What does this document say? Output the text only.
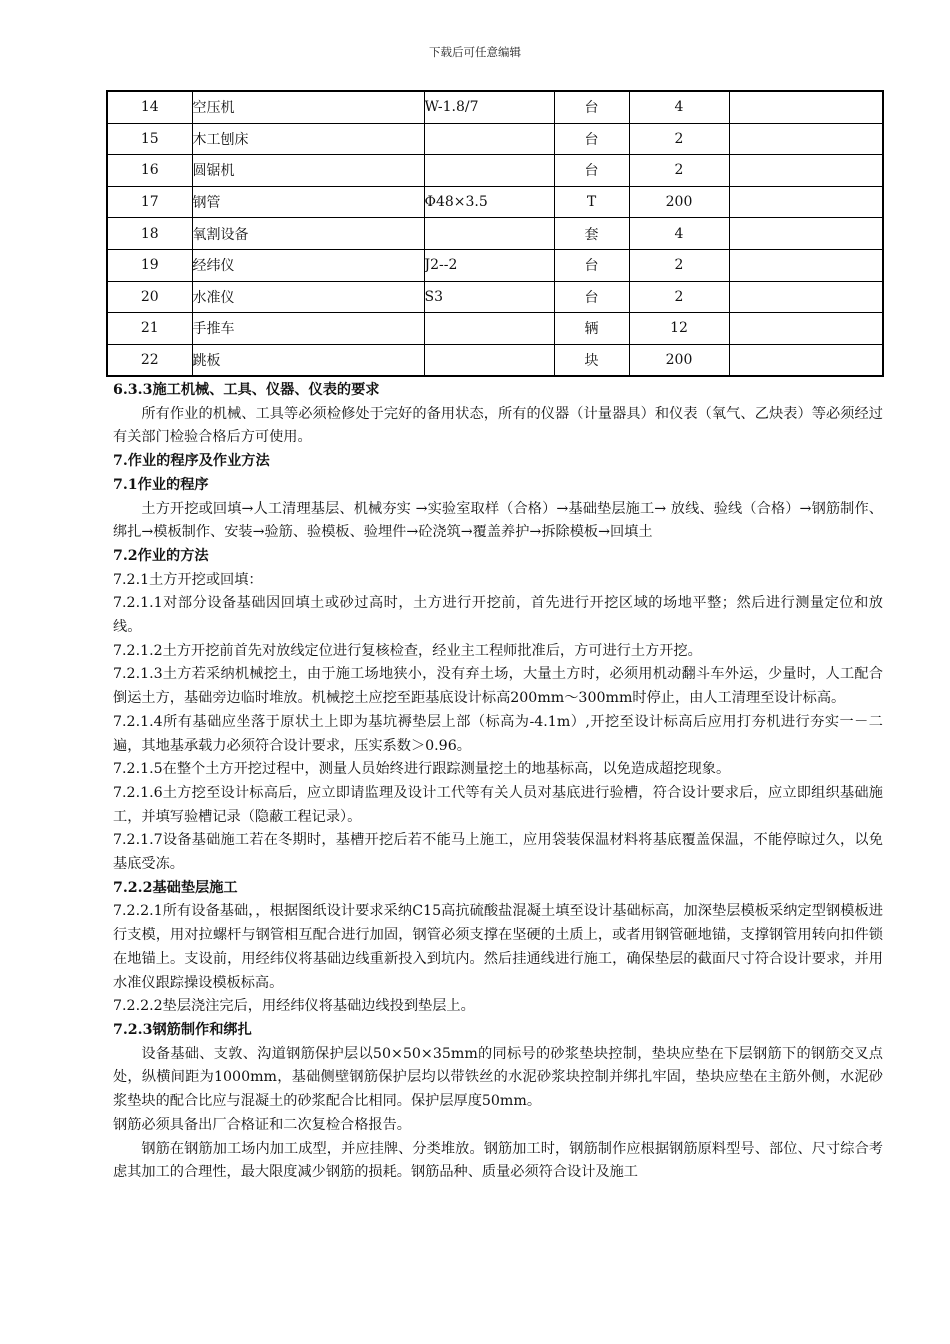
下载后可任意编辑
14	空压机	W-1.8/7	台	4	
15	木工刨床		台	2	
16	圆锯机		台	2	
17	钢管	Φ48×3.5	T	200	
18	氧割设备		套	4	
19	经纬仪	J2--2	台	2	
20	水准仪	S3	台	2	
21	手推车		辆	12	
22	跳板		块	200	

6.3.3施工机械、工具、仪器、仪表的要求

所有作业的机械、工具等必须检修处于完好的备用状态，所有的仪器（计量器具）和仪表（氧气、乙炔表）等必须经过有关部门检验合格后方可使用。

7.作业的程序及作业方法

7.1作业的程序

土方开挖或回填→人工清理基层、机械夯实 →实验室取样（合格）→基础垫层施工→ 放线、验线（合格）→钢筋制作、绑扎→模板制作、安装→验筋、验模板、验埋件→砼浇筑→覆盖养护→拆除模板→回填土

7.2作业的方法

7.2.1土方开挖或回填：

7.2.1.1对部分设备基础因回填土或砂过高时，土方进行开挖前，首先进行开挖区域的场地平整；然后进行测量定位和放线。

7.2.1.2土方开挖前首先对放线定位进行复核检查，经业主工程师批准后，方可进行土方开挖。

7.2.1.3土方若采纳机械挖土，由于施工场地狭小，没有弃土场，大量土方时，必须用机动翻斗车外运，少量时，人工配合倒运土方，基础旁边临时堆放。机械挖土应挖至距基底设计标高200mm～300mm时停止，由人工清理至设计标高。

7.2.1.4所有基础应坐落于原状土上即为基坑褥垫层上部（标高为-4.1m）,开挖至设计标高后应用打夯机进行夯实一－二遍，其地基承载力必须符合设计要求，压实系数＞0.96。

7.2.1.5在整个土方开挖过程中，测量人员始终进行跟踪测量挖土的地基标高，以免造成超挖现象。

7.2.1.6土方挖至设计标高后，应立即请监理及设计工代等有关人员对基底进行验槽，符合设计要求后，应立即组织基础施工，并填写验槽记录（隐蔽工程记录）。

7.2.1.7设备基础施工若在冬期时，基槽开挖后若不能马上施工，应用袋装保温材料将基底覆盖保温，不能停晾过久，以免基底受冻。

7.2.2基础垫层施工

7.2.2.1所有设备基础，，根据图纸设计要求采纳C15高抗硫酸盐混凝土填至设计基础标高，加深垫层模板采纳定型钢模板进行支模，用对拉螺杆与钢管相互配合进行加固，钢管必须支撑在坚硬的土质上，或者用钢管砸地锚，支撑钢管用转向扣件锁在地锚上。支设前，用经纬仪将基础边线重新投入到坑内。然后挂通线进行施工，确保垫层的截面尺寸符合设计要求，并用水准仪跟踪操设模板标高。

7.2.2.2垫层浇注完后，用经纬仪将基础边线投到垫层上。

7.2.3钢筋制作和绑扎

设备基础、支敦、沟道钢筋保护层以50×50×35mm的同标号的砂浆垫块控制，垫块应垫在下层钢筋下的钢筋交叉点处，纵横间距为1000mm，基础侧壁钢筋保护层均以带铁丝的水泥砂浆块控制并绑扎牢固，垫块应垫在主筋外侧，水泥砂浆垫块的配合比应与混凝土的砂浆配合比相同。保护层厚度50mm。

钢筋必须具备出厂合格证和二次复检合格报告。

钢筋在钢筋加工场内加工成型，并应挂牌、分类堆放。钢筋加工时，钢筋制作应根据钢筋原料型号、部位、尺寸综合考虑其加工的合理性，最大限度减少钢筋的损耗。钢筋品种、质量必须符合设计及施工
